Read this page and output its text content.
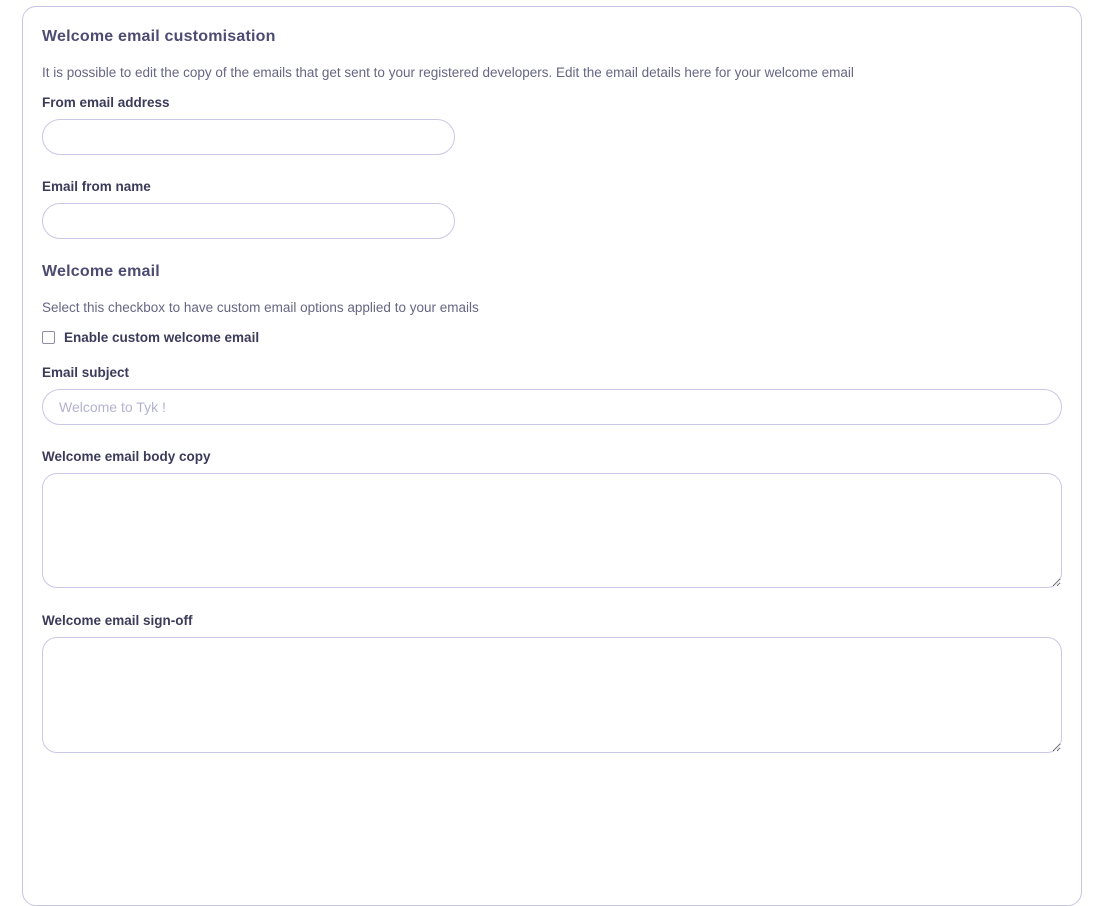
Welcome email customisation

It is possible to edit the copy of the emails that get sent to your registered developers. Edit the email details here for your welcome email

From email address
Email from name
Welcome email

Select this checkbox to have custom email options applied to your emails

Enable custom welcome email
Email subject
Welcome to Tyk !
Welcome email body copy
Welcome email sign-off
